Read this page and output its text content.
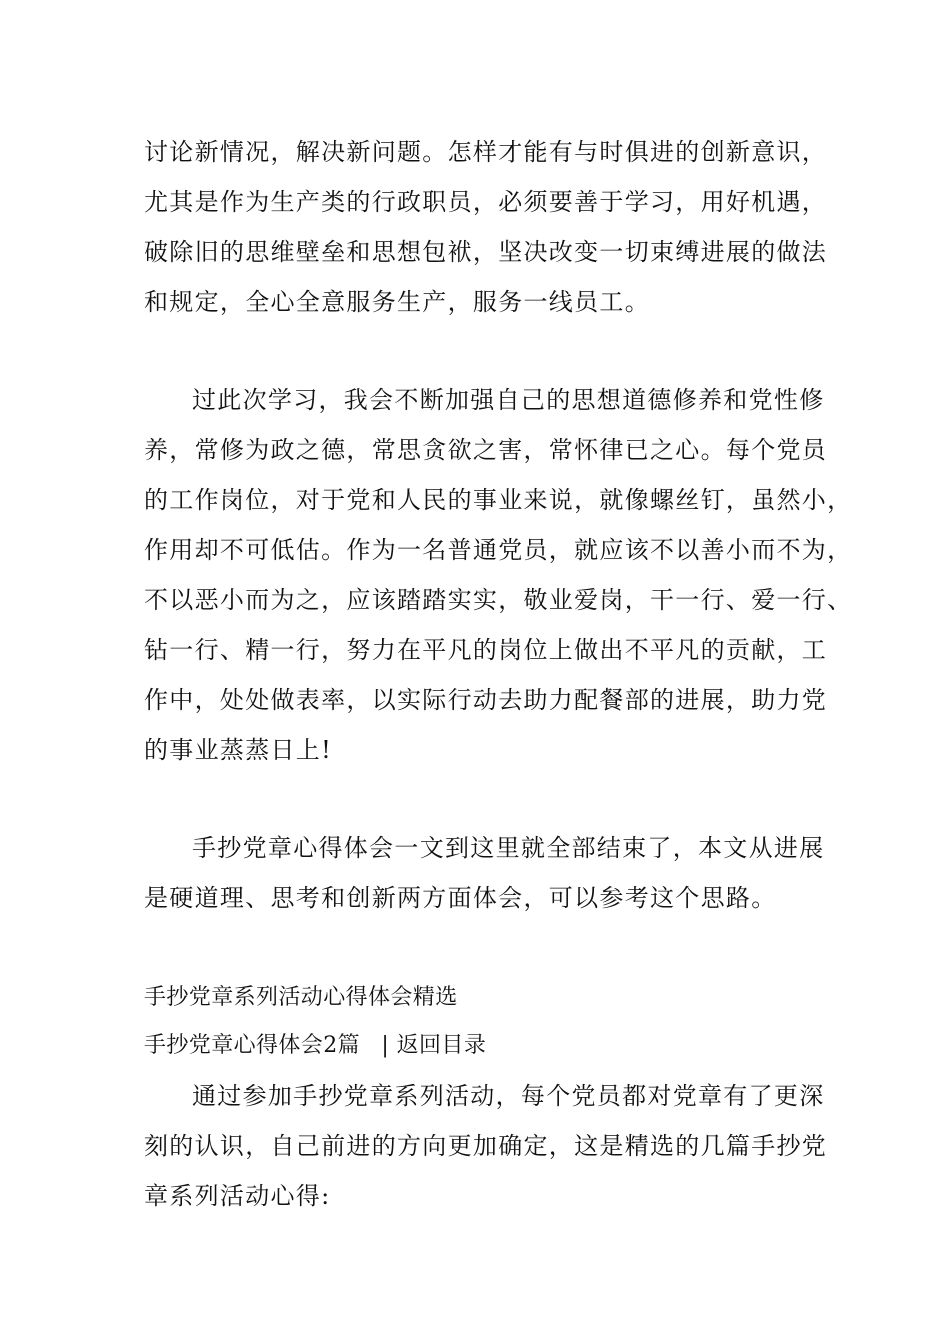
讨论新情况，解决新问题。怎样才能有与时俱进的创新意识，
尤其是作为生产类的行政职员，必须要善于学习，用好机遇，
破除旧的思维壁垒和思想包袱，坚决改变一切束缚进展的做法
和规定，全心全意服务生产，服务一线员工。
过此次学习，我会不断加强自己的思想道德修养和党性修
养，常修为政之德，常思贪欲之害，常怀律已之心。每个党员
的工作岗位，对于党和人民的事业来说，就像螺丝钉，虽然小，
作用却不可低估。作为一名普通党员，就应该不以善小而不为，
不以恶小而为之，应该踏踏实实，敬业爱岗，干一行、爱一行、
钻一行、精一行，努力在平凡的岗位上做出不平凡的贡献，工
作中，处处做表率，以实际行动去助力配餐部的进展，助力党
的事业蒸蒸日上!
手抄党章心得体会一文到这里就全部结束了，本文从进展
是硬道理、思考和创新两方面体会，可以参考这个思路。
手抄党章系列活动心得体会精选
手抄党章心得体会2篇 | 返回目录
通过参加手抄党章系列活动，每个党员都对党章有了更深
刻的认识，自己前进的方向更加确定，这是精选的几篇手抄党
章系列活动心得:
